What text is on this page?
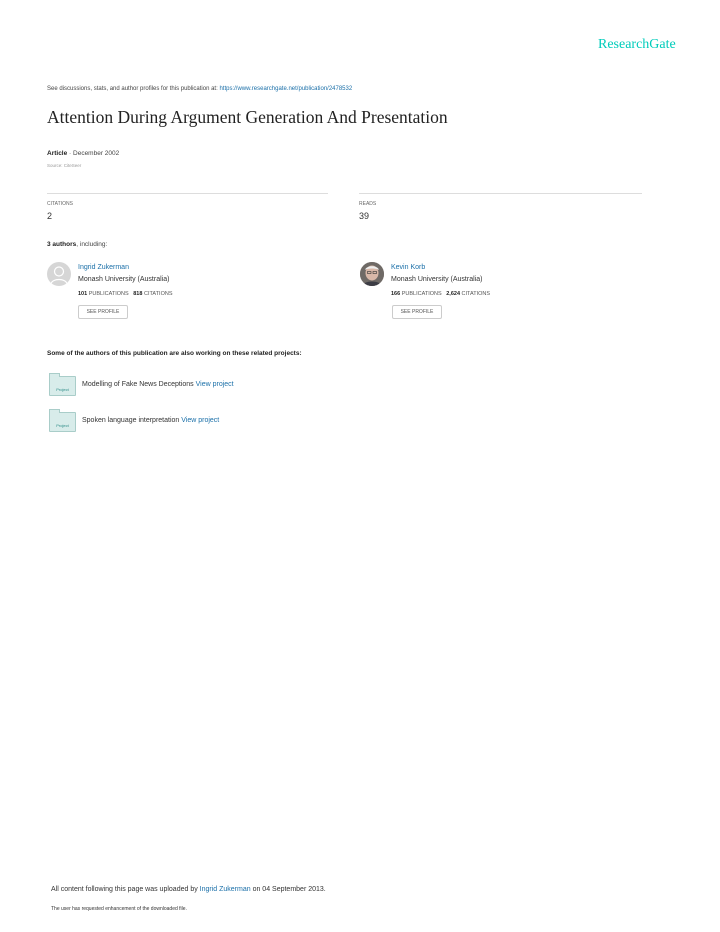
ResearchGate
See discussions, stats, and author profiles for this publication at: https://www.researchgate.net/publication/2478532
Attention During Argument Generation And Presentation
Article · December 2002
Source: CiteSeer
CITATIONS
2
READS
39
3 authors, including:
Ingrid Zukerman
Monash University (Australia)
101 PUBLICATIONS 818 CITATIONS
SEE PROFILE
Kevin Korb
Monash University (Australia)
166 PUBLICATIONS 2,624 CITATIONS
SEE PROFILE
Some of the authors of this publication are also working on these related projects:
Project
Modelling of Fake News Deceptions View project
Project
Spoken language interpretation View project
All content following this page was uploaded by Ingrid Zukerman on 04 September 2013.
The user has requested enhancement of the downloaded file.
